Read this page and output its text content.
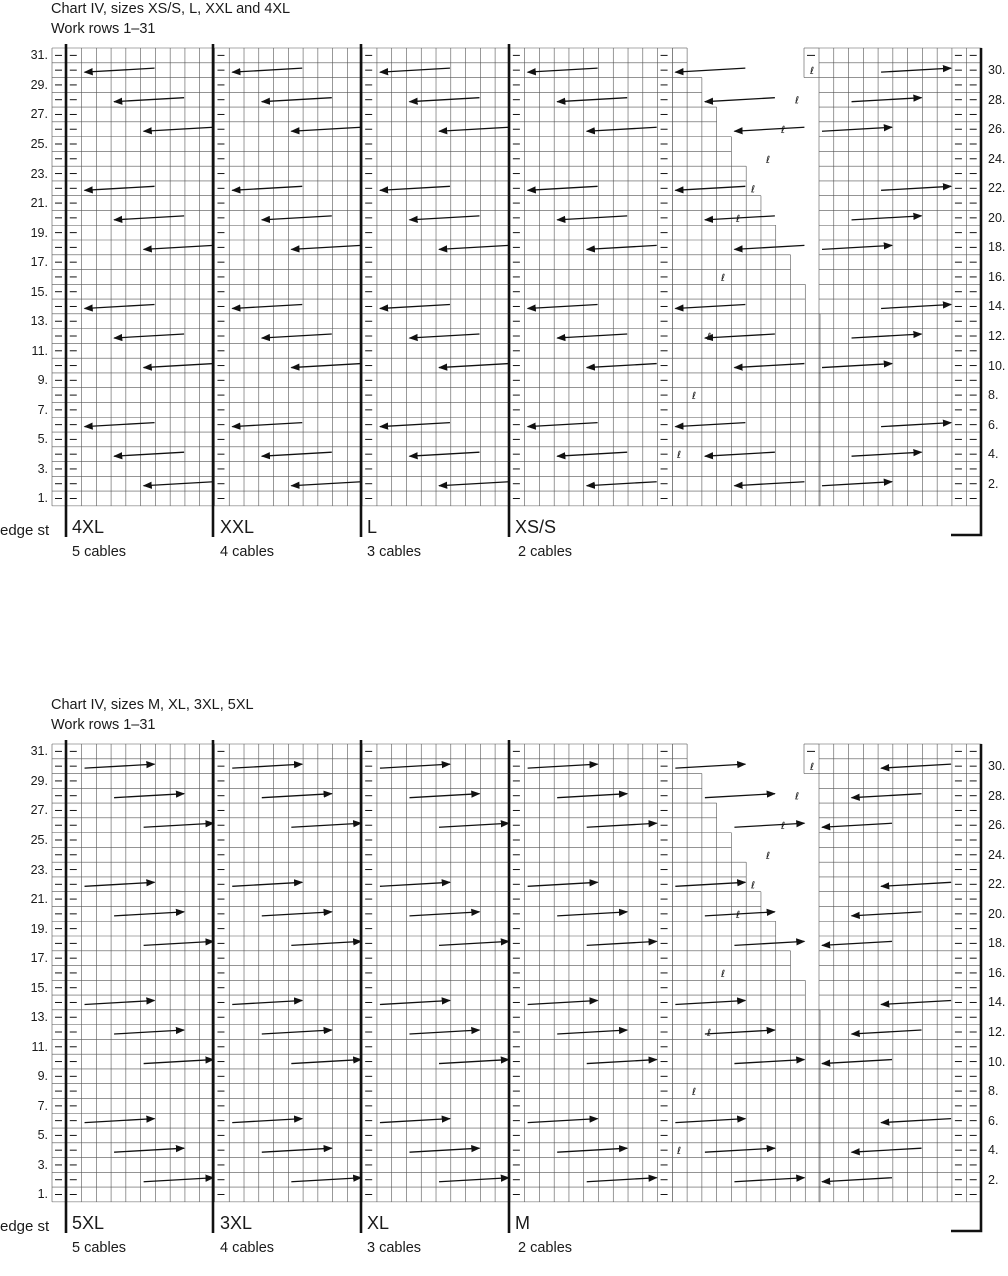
Chart IV, sizes XS/S, L, XXL and 4XL
Work rows 1–31
ℓ
ℓ
ℓ
ℓ
ℓ
ℓ
ℓ
ℓ
ℓ
ℓ
31.
29.
27.
25.
23.
21.
19.
17.
15.
13.
11.
9.
7.
5.
3.
1.
30.
28.
26.
24.
22.
20.
18.
16.
14.
12.
10.
8.
6.
4.
2.
edge st 4XL	XXL	L	XS/S
5 cables	4 cables	3 cables	2 cables
Chart IV, sizes M, XL, 3XL, 5XL
Work rows 1–31
ℓ
ℓ
ℓ
ℓ
ℓ
ℓ
ℓ
ℓ
ℓ
ℓ
31.
29.
27.
25.
23.
21.
19.
17.
15.
13.
11.
9.
7.
5.
3.
1.
30.
28.
26.
24.
22.
20.
18.
16.
14.
12.
10.
8.
6.
4.
2.
edge st 5XL	3XL	XL	M
5 cables	4 cables	3 cables	2 cables
